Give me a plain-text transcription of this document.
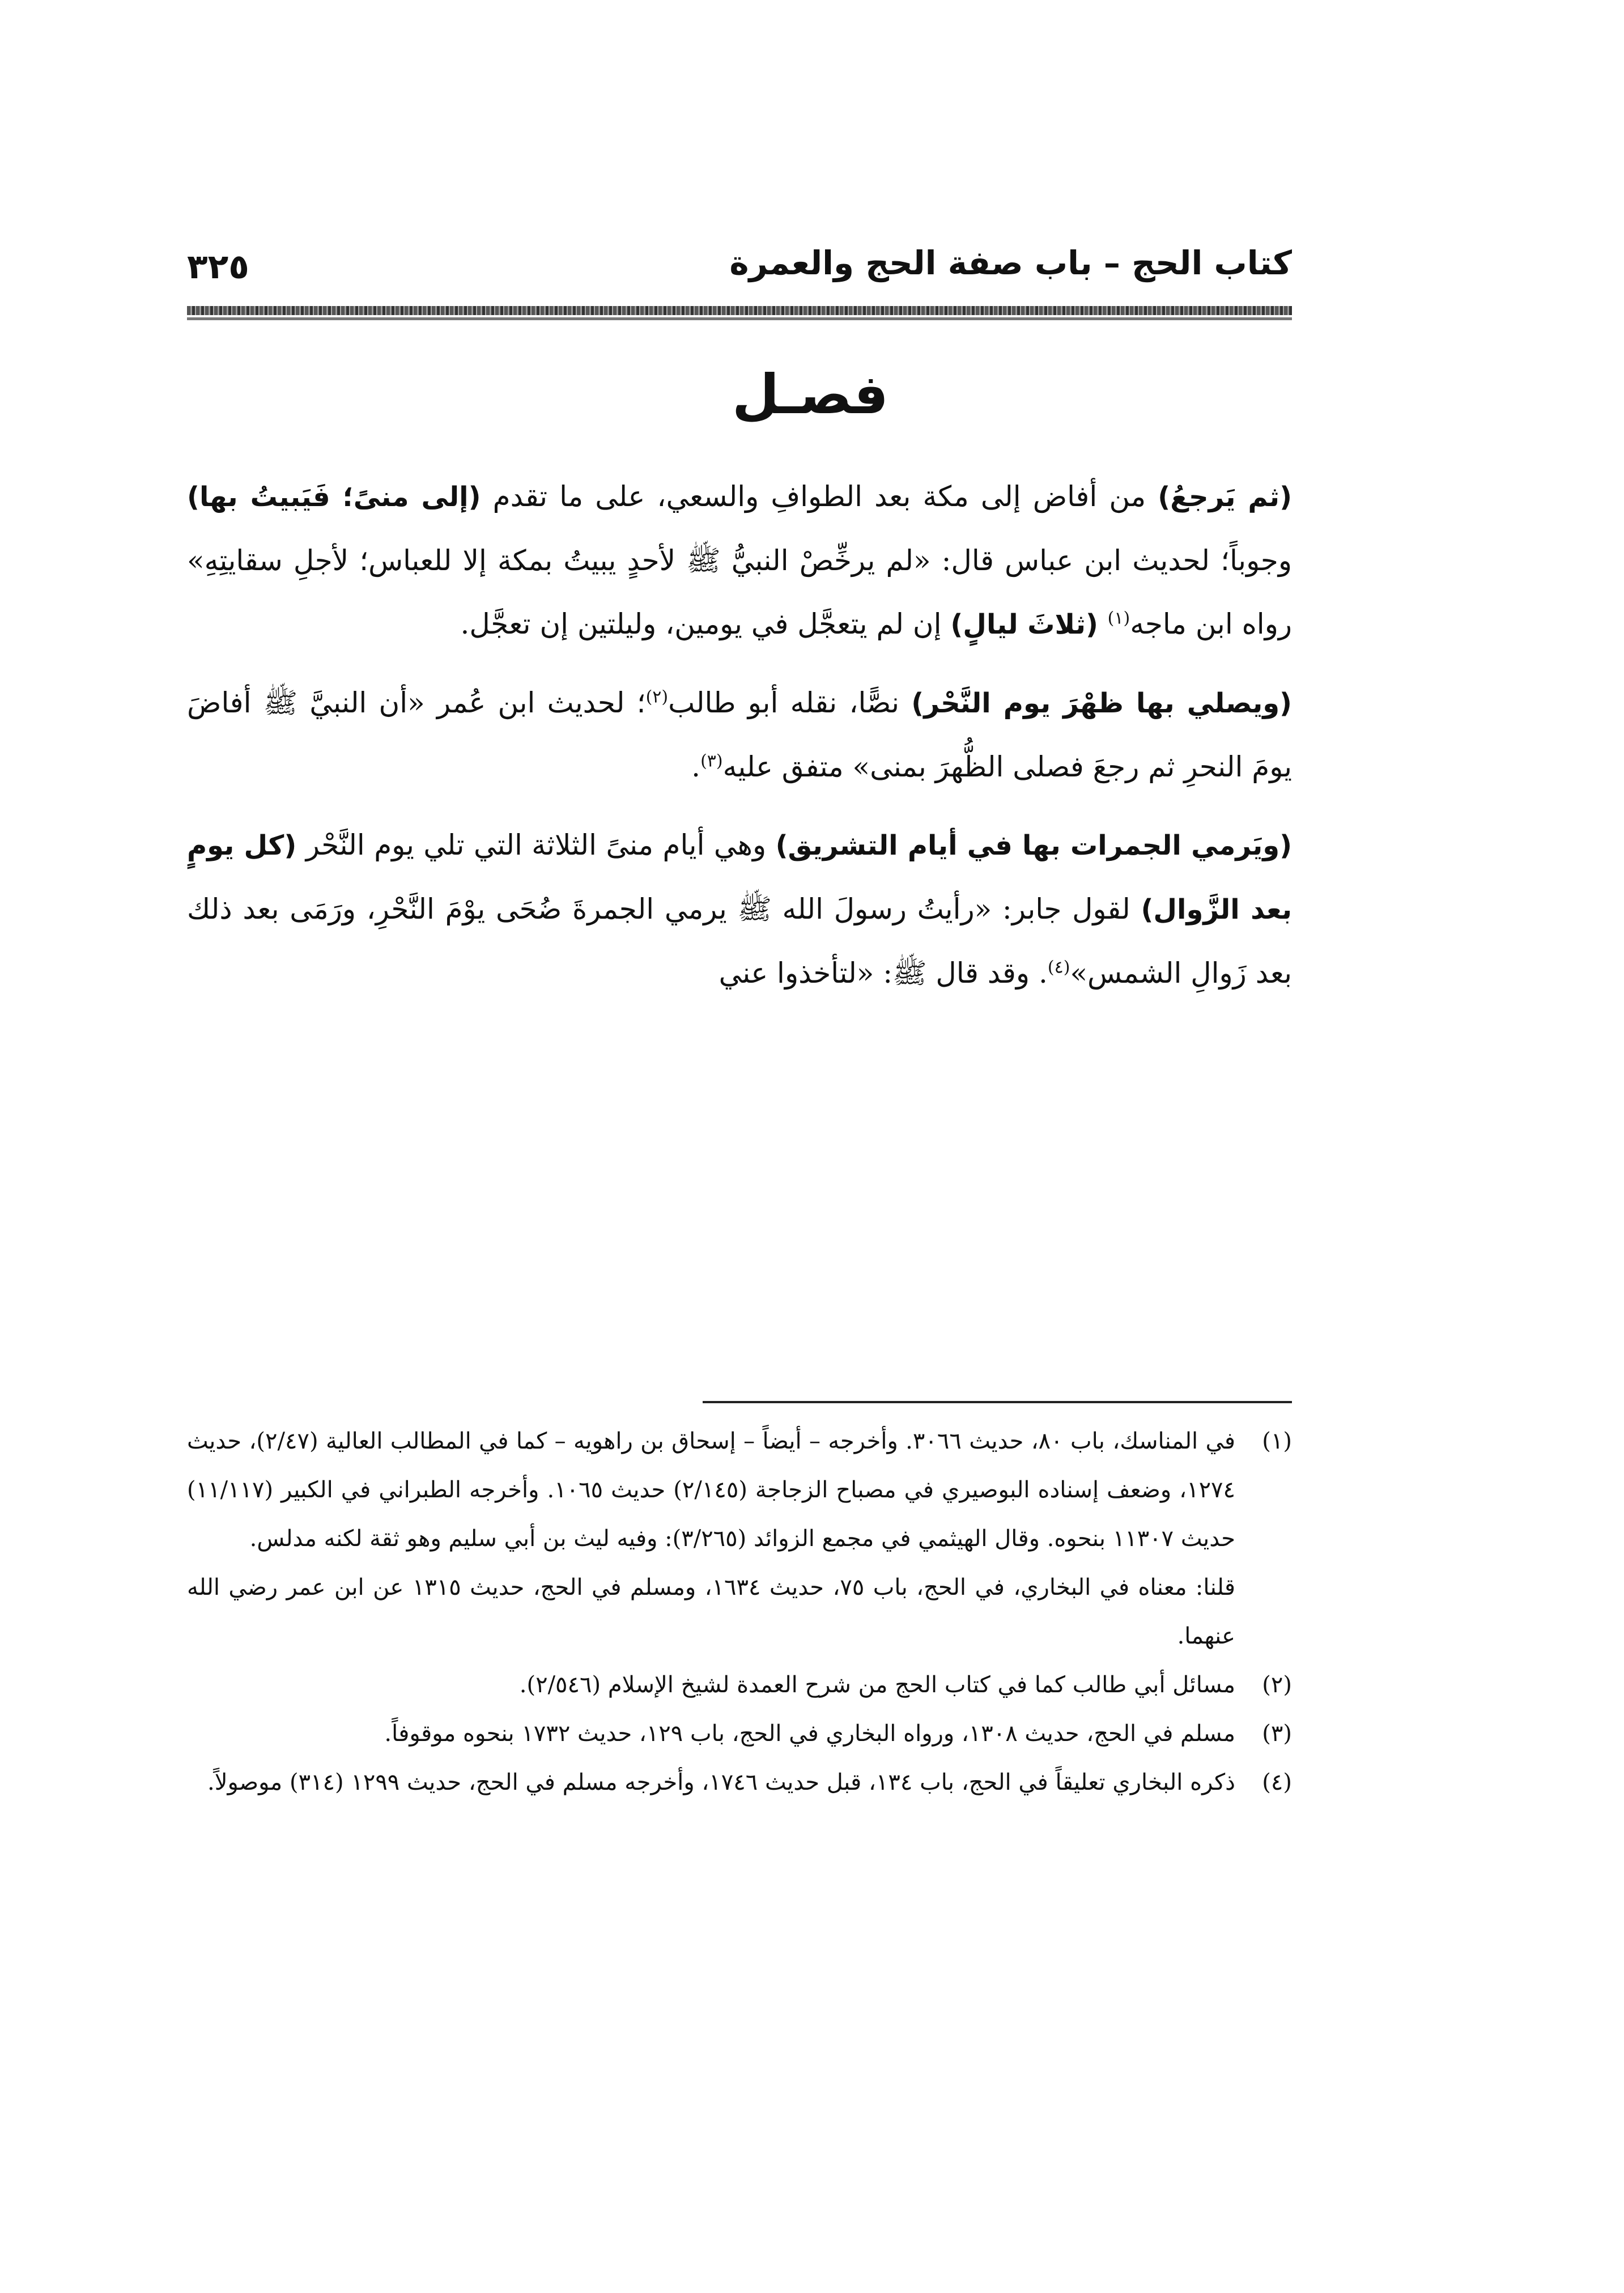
كتاب الحج – باب صفة الحج والعمرة
٣٢٥
فصـل

(ثم يَرجعُ) من أفاض إلى مكة بعد الطوافِ والسعي، على ما تقدم (إلى منىً؛ فَيَبيتُ بها) وجوباً؛ لحديث ابن عباس قال: «لم يرخِّصْ النبيُّ ﷺ لأحدٍ يبيتُ بمكة إلا للعباس؛ لأجلِ سقايتِهِ» رواه ابن ماجه$^{(١)}$ (ثلاثَ ليالٍ) إن لم يتعجَّل في يومين، وليلتين إن تعجَّل.

(ويصلي بها ظهْرَ يوم النَّحْر) نصًّا، نقله أبو طالب$^{(٢)}$؛ لحديث ابن عُمر «أن النبيَّ ﷺ أفاضَ يومَ النحرِ ثم رجعَ فصلى الظُّهرَ بمنى» متفق عليه$^{(٣)}$.

(ويَرمي الجمرات بها في أيام التشريق) وهي أيام منىً الثلاثة التي تلي يوم النَّحْر (كل يومٍ بعد الزَّوال) لقول جابر: «رأيتُ رسولَ الله ﷺ يرمي الجمرةَ ضُحَى يوْمَ النَّحْرِ، ورَمَى بعد ذلك بعد زَوالِ الشمس»$^{(٤)}$. وقد قال ﷺ: «لتأخذوا عني

(١)
في المناسك، باب ٨٠، حديث ٣٠٦٦. وأخرجه – أيضاً – إسحاق بن راهويه – كما في المطالب العالية (٢/٤٧)، حديث ١٢٧٤، وضعف إسناده البوصيري في مصباح الزجاجة (٢/١٤٥) حديث ١٠٦٥. وأخرجه الطبراني في الكبير (١١/١١٧) حديث ١١٣٠٧ بنحوه. وقال الهيثمي في مجمع الزوائد (٣/٢٦٥): وفيه ليث بن أبي سليم وهو ثقة لكنه مدلس.
قلنا: معناه في البخاري، في الحج، باب ٧٥، حديث ١٦٣٤، ومسلم في الحج، حديث ١٣١٥ عن ابن عمر رضي الله عنهما.
(٢)
مسائل أبي طالب كما في كتاب الحج من شرح العمدة لشيخ الإسلام (٢/٥٤٦).
(٣)
مسلم في الحج، حديث ١٣٠٨، ورواه البخاري في الحج، باب ١٢٩، حديث ١٧٣٢ بنحوه موقوفاً.
(٤)
ذكره البخاري تعليقاً في الحج، باب ١٣٤، قبل حديث ١٧٤٦، وأخرجه مسلم في الحج، حديث ١٢٩٩ (٣١٤) موصولاً.
